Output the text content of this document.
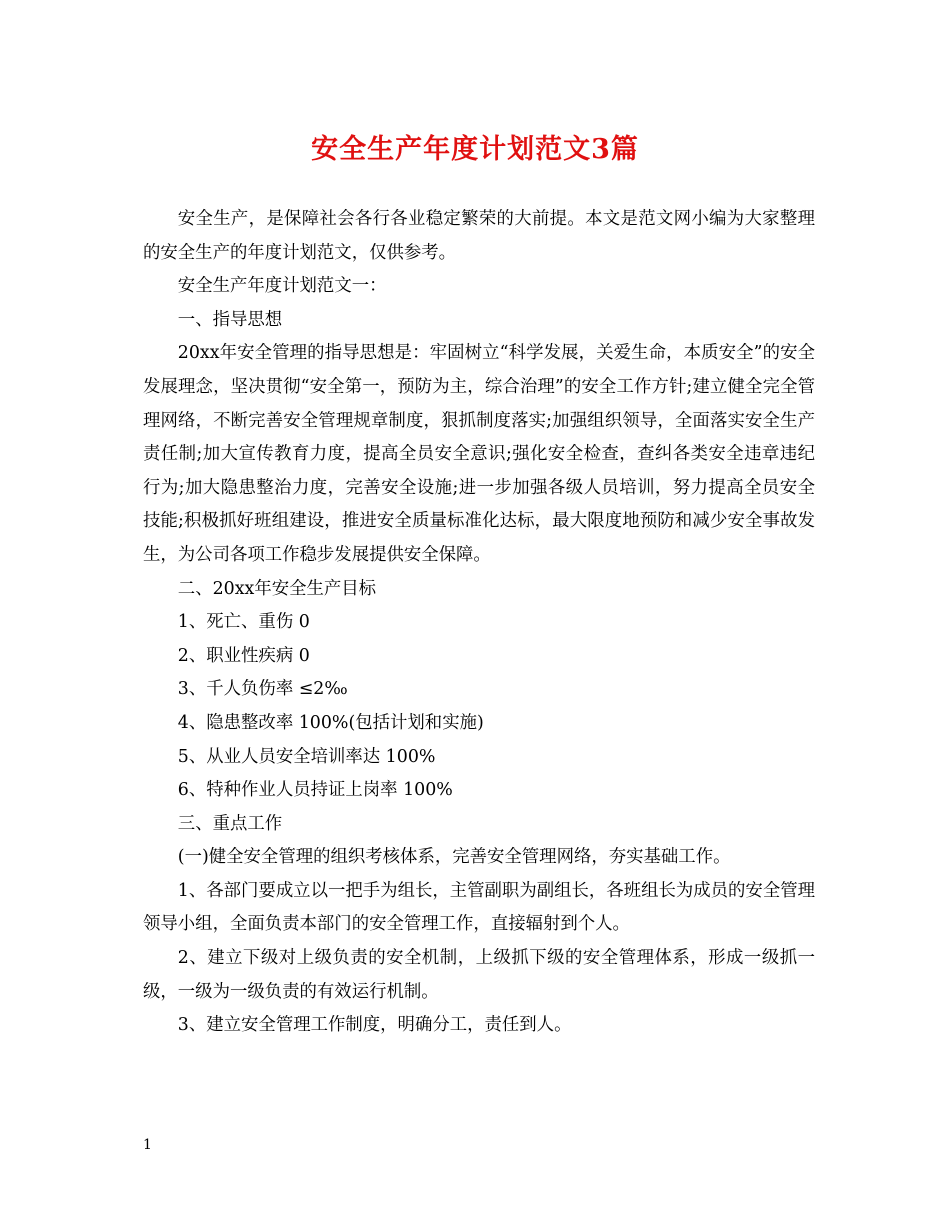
安全生产年度计划范文3篇

安全生产，是保障社会各行各业稳定繁荣的大前提。本文是范文网小编为大家整理的安全生产的年度计划范文，仅供参考。

安全生产年度计划范文一：

一、指导思想

20xx年安全管理的指导思想是：牢固树立“科学发展，关爱生命，本质安全”的安全发展理念，坚决贯彻“安全第一，预防为主，综合治理”的安全工作方针;建立健全完全管理网络，不断完善安全管理规章制度，狠抓制度落实;加强组织领导，全面落实安全生产责任制;加大宣传教育力度，提高全员安全意识;强化安全检查，查纠各类安全违章违纪行为;加大隐患整治力度，完善安全设施;进一步加强各级人员培训，努力提高全员安全技能;积极抓好班组建设，推进安全质量标准化达标，最大限度地预防和减少安全事故发生，为公司各项工作稳步发展提供安全保障。

二、20xx年安全生产目标

1、死亡、重伤 0

2、职业性疾病 0

3、千人负伤率 ≤2‰

4、隐患整改率 100%(包括计划和实施)

5、从业人员安全培训率达 100%

6、特种作业人员持证上岗率 100%

三、重点工作

(一)健全安全管理的组织考核体系，完善安全管理网络，夯实基础工作。

1、各部门要成立以一把手为组长，主管副职为副组长，各班组长为成员的安全管理领导小组，全面负责本部门的安全管理工作，直接辐射到个人。

2、建立下级对上级负责的安全机制，上级抓下级的安全管理体系，形成一级抓一级，一级为一级负责的有效运行机制。

3、建立安全管理工作制度，明确分工，责任到人。

1
